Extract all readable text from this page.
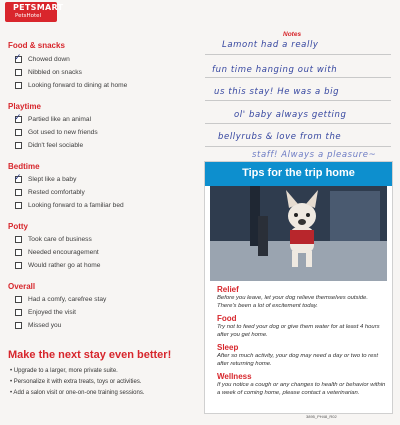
PETSMART
PetsHotel
Food & snacks
✓ Chowed down
Nibbled on snacks
Looking forward to dining at home
Playtime
✓ Partied like an animal
Got used to new friends
Didn't feel sociable
Bedtime
✓ Slept like a baby
Rested comfortably
Looking forward to a familiar bed
Potty
Took care of business
Needed encouragement
Would rather go at home
Overall
Had a comfy, carefree stay
Enjoyed the visit
Missed you
Make the next stay even better!
• Upgrade to a larger, more private suite.
• Personalize it with extra treats, toys or activities.
• Add a salon visit or one-on-one training sessions.
Notes
Lamont had a really
fun time hanging out with
us this stay! He was a big
ol' baby always getting
bellyrubs & love from the
staff! Always a pleasure~
Tips for the trip home
Relief
Before you leave, let your dog relieve themselves outside. There's been a lot of excitement today.
Food
Try not to feed your dog or give them water for at least 4 hours after you get home.
Sleep
After so much activity, your dog may need a day or two to rest after returning home.
Wellness
If you notice a cough or any changes to health or behavior within a week of coming home, please contact a veterinarian.
3895_PH48_R02
